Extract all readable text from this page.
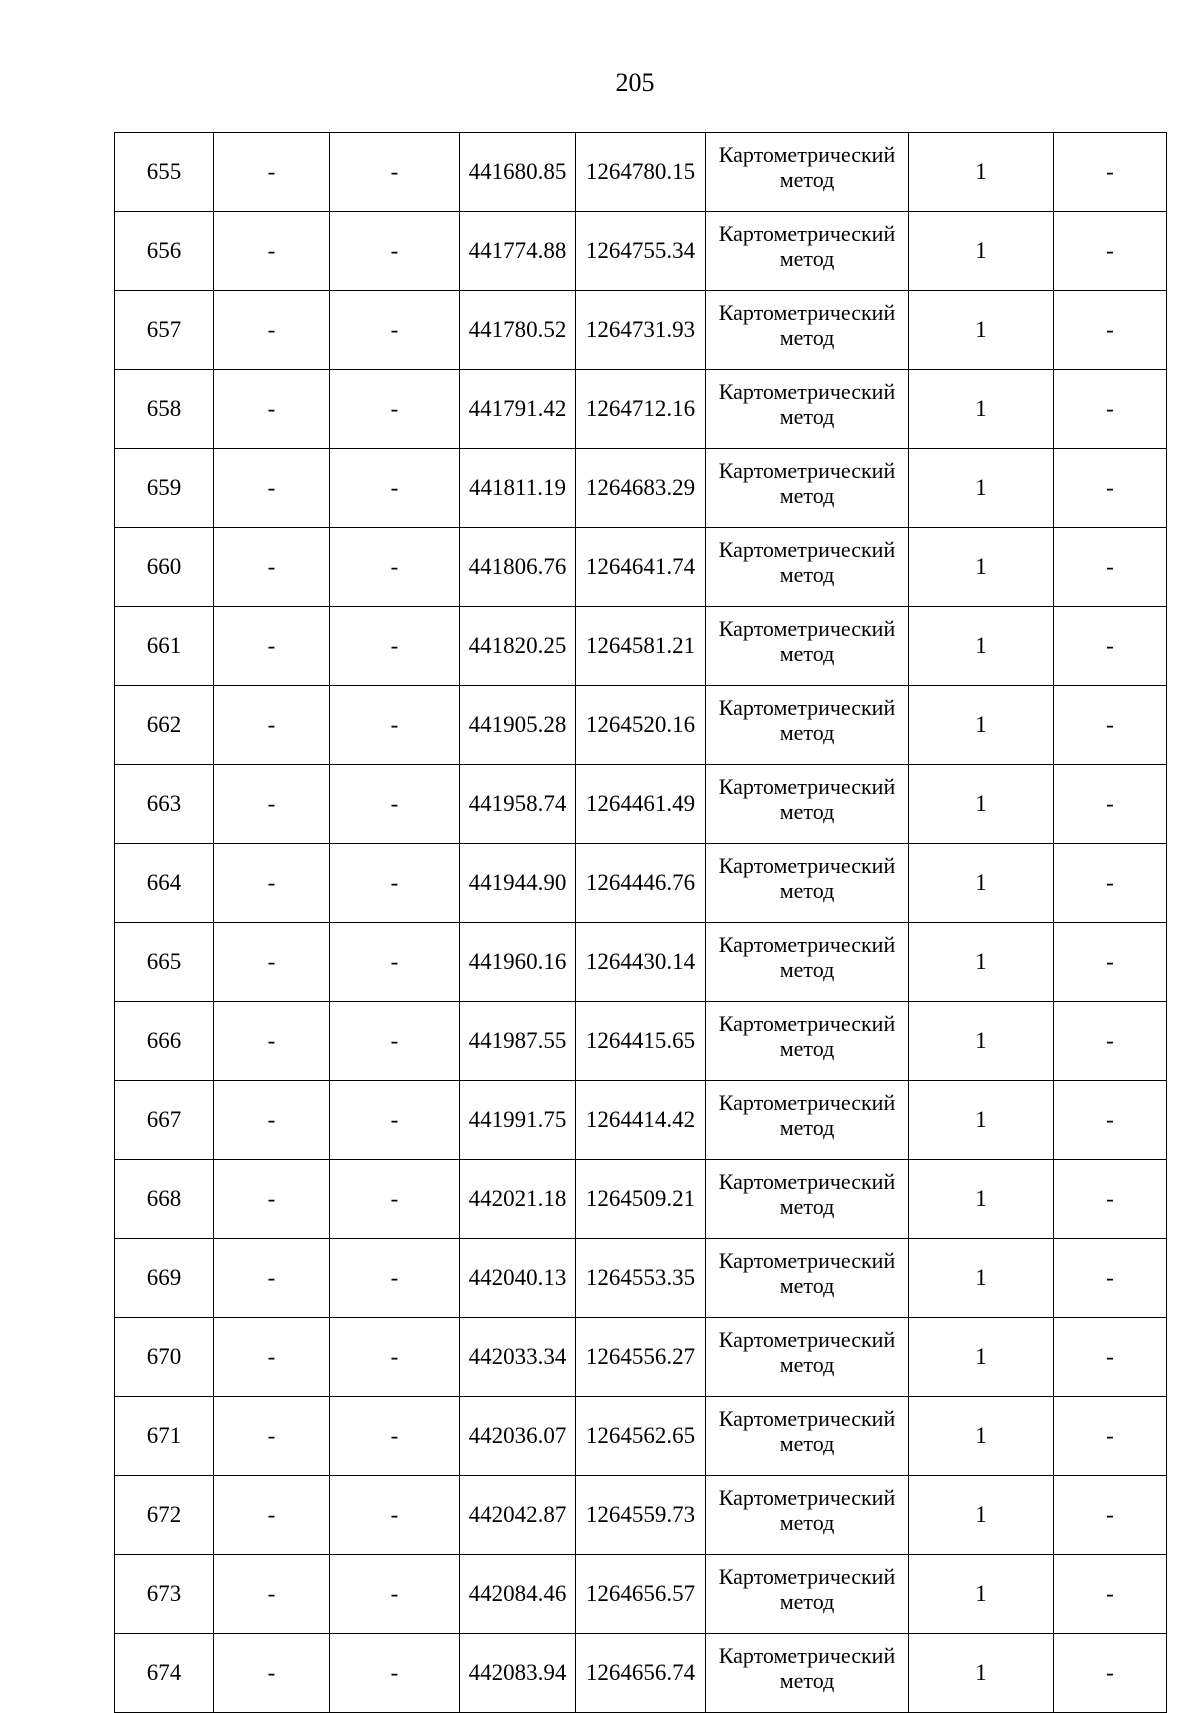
205
655	-	-	441680.85	1264780.15	Картометрический метод	1	-
656	-	-	441774.88	1264755.34	Картометрический метод	1	-
657	-	-	441780.52	1264731.93	Картометрический метод	1	-
658	-	-	441791.42	1264712.16	Картометрический метод	1	-
659	-	-	441811.19	1264683.29	Картометрический метод	1	-
660	-	-	441806.76	1264641.74	Картометрический метод	1	-
661	-	-	441820.25	1264581.21	Картометрический метод	1	-
662	-	-	441905.28	1264520.16	Картометрический метод	1	-
663	-	-	441958.74	1264461.49	Картометрический метод	1	-
664	-	-	441944.90	1264446.76	Картометрический метод	1	-
665	-	-	441960.16	1264430.14	Картометрический метод	1	-
666	-	-	441987.55	1264415.65	Картометрический метод	1	-
667	-	-	441991.75	1264414.42	Картометрический метод	1	-
668	-	-	442021.18	1264509.21	Картометрический метод	1	-
669	-	-	442040.13	1264553.35	Картометрический метод	1	-
670	-	-	442033.34	1264556.27	Картометрический метод	1	-
671	-	-	442036.07	1264562.65	Картометрический метод	1	-
672	-	-	442042.87	1264559.73	Картометрический метод	1	-
673	-	-	442084.46	1264656.57	Картометрический метод	1	-
674	-	-	442083.94	1264656.74	Картометрический метод	1	-
